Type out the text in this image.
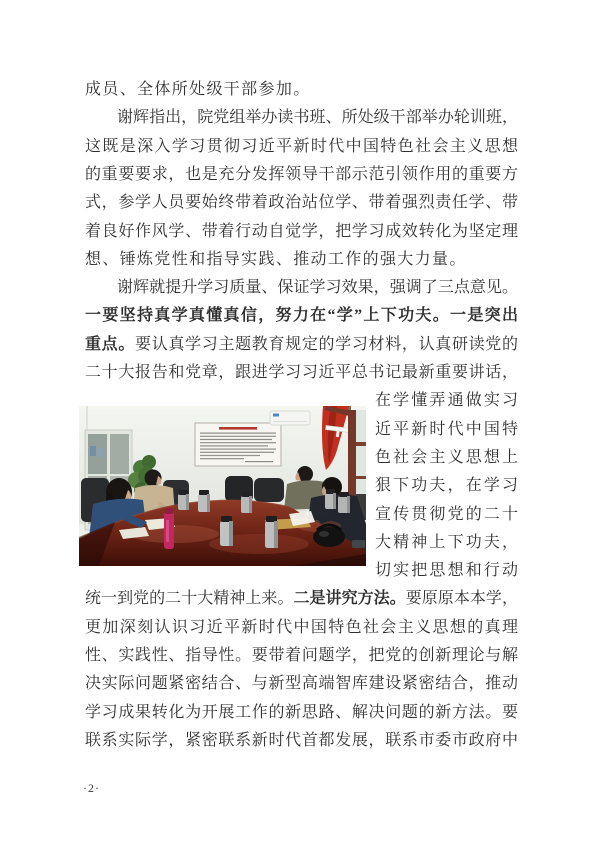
成员、全体所处级干部参加。
谢辉指出，院党组举办读书班、所处级干部举办轮训班，
这既是深入学习贯彻习近平新时代中国特色社会主义思想
的重要要求，也是充分发挥领导干部示范引领作用的重要方
式，参学人员要始终带着政治站位学、带着强烈责任学、带
着良好作风学、带着行动自觉学，把学习成效转化为坚定理
想、锤炼党性和指导实践、推动工作的强大力量。
谢辉就提升学习质量、保证学习效果，强调了三点意见。
一要坚持真学真懂真信，努力在“学”上下功夫。一是突出
重点。要认真学习主题教育规定的学习材料，认真研读党的
二十大报告和党章，跟进学习习近平总书记最新重要讲话，
在学懂弄通做实习
近平新时代中国特
色社会主义思想上
狠下功夫，在学习
宣传贯彻党的二十
大精神上下功夫，
切实把思想和行动
统一到党的二十大精神上来。二是讲究方法。要原原本本学，
更加深刻认识习近平新时代中国特色社会主义思想的真理
性、实践性、指导性。要带着问题学，把党的创新理论与解
决实际问题紧密结合、与新型高端智库建设紧密结合，推动
学习成果转化为开展工作的新思路、解决问题的新方法。要
联系实际学，紧密联系新时代首都发展，联系市委市政府中
·2·
